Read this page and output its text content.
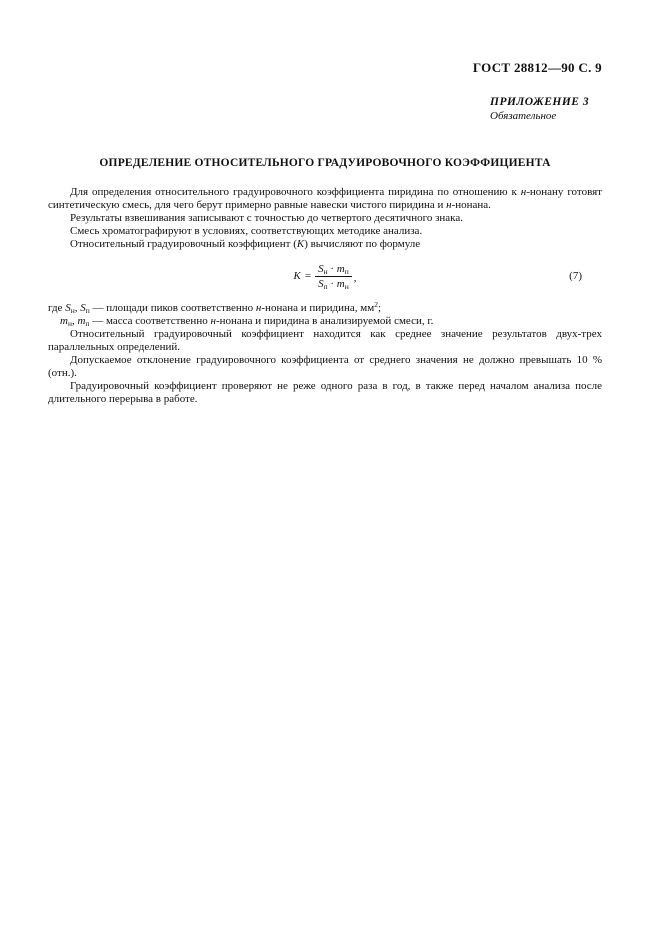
ГОСТ 28812—90 С. 9
ПРИЛОЖЕНИЕ 3
Обязательное
ОПРЕДЕЛЕНИЕ ОТНОСИТЕЛЬНОГО ГРАДУИРОВОЧНОГО КОЭФФИЦИЕНТА

Для определения относительного градуировочного коэффициента пиридина по отношению к н-нонану готовят синтетическую смесь, для чего берут примерно равные навески чистого пиридина и н-нонана.

Результаты взвешивания записывают с точностью до четвертого десятичного знака.

Смесь хроматографируют в условиях, соответствующих методике анализа.

Относительный градуировочный коэффициент (К) вычисляют по формуле

$K = \frac{S_н \cdot m_п}{S_п \cdot m_н}$ ,	(7)

где $S_н$, $S_п$ — площади пиков соответственно н-нонана и пиридина, $мм^2$;

$m_н$, $m_п$ — масса соответственно н-нонана и пиридина в анализируемой смеси, г.

Относительный градуировочный коэффициент находится как среднее значение результатов двух-трех параллельных определений.

Допускаемое отклонение градуировочного коэффициента от среднего значения не должно превышать 10 % (отн.).

Градуировочный коэффициент проверяют не реже одного раза в год, в также перед началом анализа после длительного перерыва в работе.
